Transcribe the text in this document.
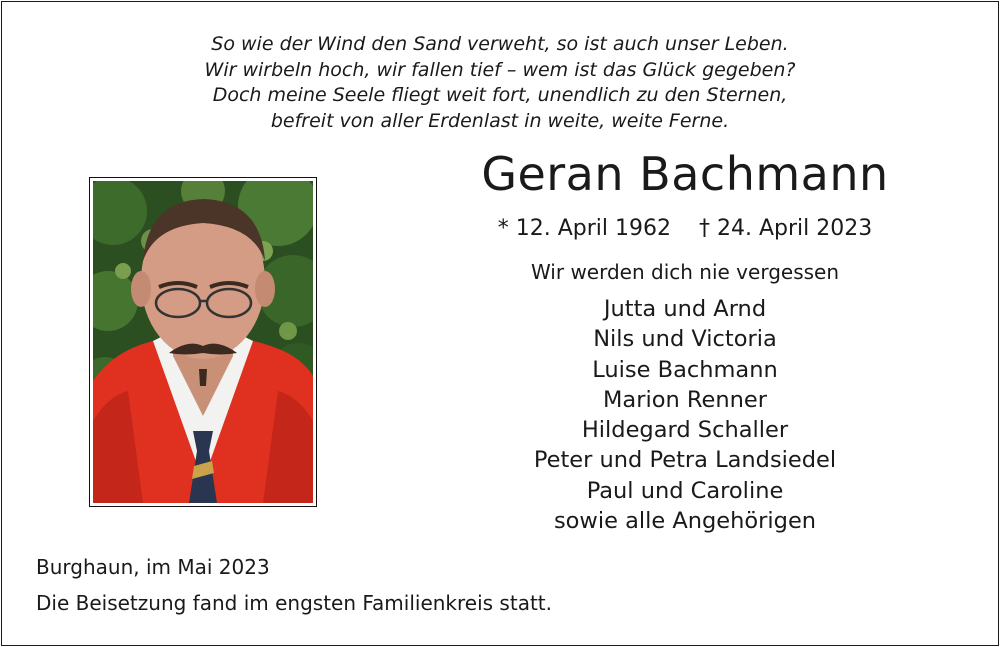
So wie der Wind den Sand verweht, so ist auch unser Leben.
Wir wirbeln hoch, wir fallen tief – wem ist das Glück gegeben?
Doch meine Seele fliegt weit fort, unendlich zu den Sternen,
befreit von aller Erdenlast in weite, weite Ferne.
Geran Bachmann
* 12. April 1962 † 24. April 2023
Wir werden dich nie vergessen
Jutta und Arnd
Nils und Victoria
Luise Bachmann
Marion Renner
Hildegard Schaller
Peter und Petra Landsiedel
Paul und Caroline
sowie alle Angehörigen
Burghaun, im Mai 2023
Die Beisetzung fand im engsten Familienkreis statt.
